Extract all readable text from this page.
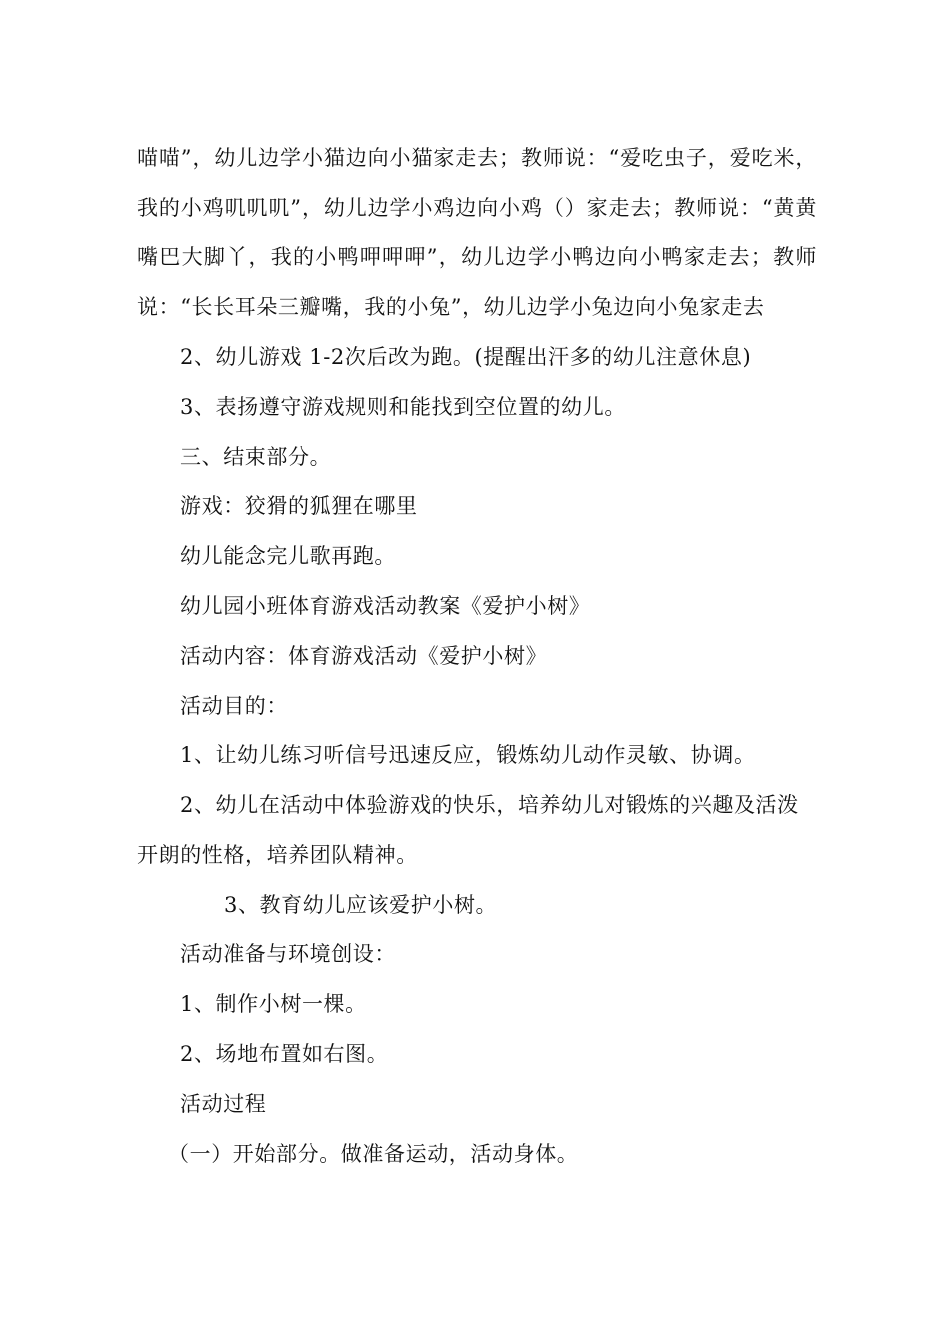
喵喵”，幼儿边学小猫边向小猫家走去；教师说：“爱吃虫子，爱吃米，
我的小鸡叽叽叽”，幼儿边学小鸡边向小鸡（）家走去；教师说：“黄黄
嘴巴大脚丫，我的小鸭呷呷呷”，幼儿边学小鸭边向小鸭家走去；教师
说：“长长耳朵三瓣嘴，我的小兔”，幼儿边学小兔边向小兔家走去
2、幼儿游戏 1-2次后改为跑。(提醒出汗多的幼儿注意休息)
3、表扬遵守游戏规则和能找到空位置的幼儿。
三、结束部分。
游戏：狡猾的狐狸在哪里
幼儿能念完儿歌再跑。
幼儿园小班体育游戏活动教案《爱护小树》
活动内容：体育游戏活动《爱护小树》
活动目的：
1、让幼儿练习听信号迅速反应，锻炼幼儿动作灵敏、协调。
2、幼儿在活动中体验游戏的快乐，培养幼儿对锻炼的兴趣及活泼
开朗的性格，培养团队精神。
3、教育幼儿应该爱护小树。
活动准备与环境创设：
1、制作小树一棵。
2、场地布置如右图。
活动过程
（一）开始部分。做准备运动，活动身体。
